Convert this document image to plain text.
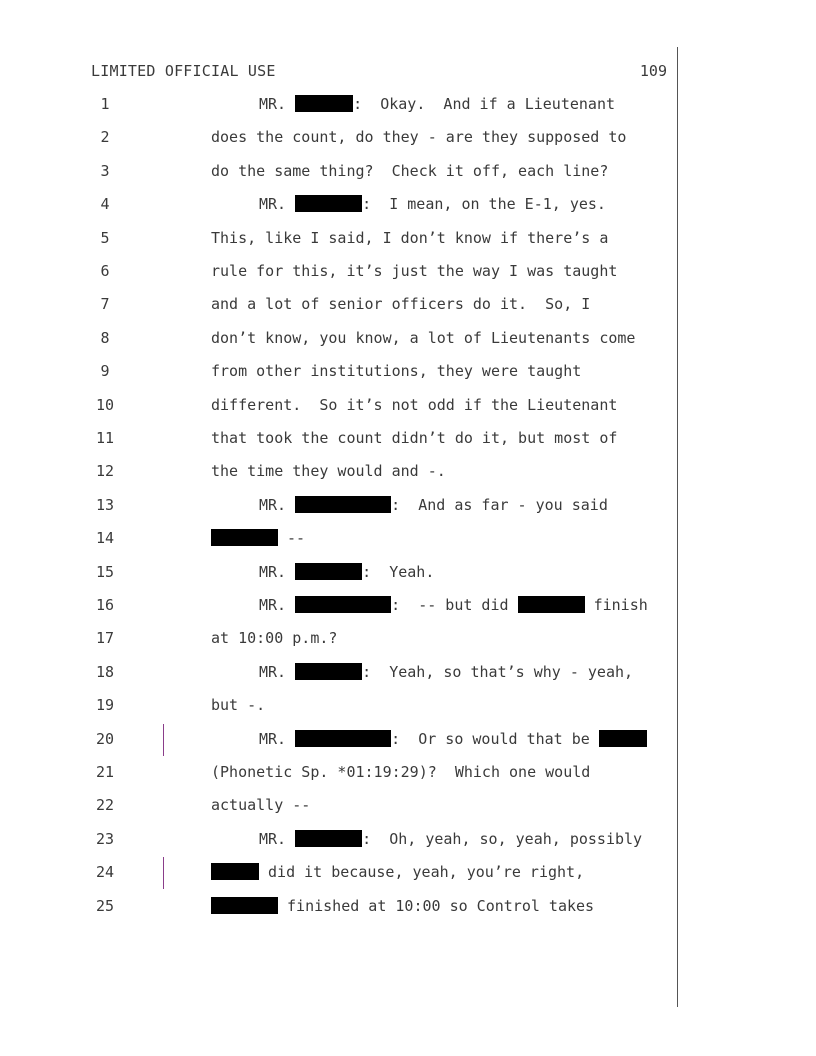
LIMITED OFFICIAL USE	109
1	MR.	:  Okay.  And if a Lieutenant
2	does the count, do they - are they supposed to
3	do the same thing?  Check it off, each line?
4	MR.	:  I mean, on the E-1, yes.
5	This, like I said, I don’t know if there’s a
6	rule for this, it’s just the way I was taught
7	and a lot of senior officers do it.  So, I
8	don’t know, you know, a lot of Lieutenants come
9	from other institutions, they were taught
10	different.  So it’s not odd if the Lieutenant
11	that took the count didn’t do it, but most of
12	the time they would and -.
13	MR.	:  And as far - you said
14	--
15	MR.	:  Yeah.
16	MR.	:  -- but did	finish
17	at 10:00 p.m.?
18	MR.	:  Yeah, so that’s why - yeah,
19	but -.
20	MR.	:  Or so would that be
21	(Phonetic Sp. *01:19:29)?  Which one would
22	actually --
23	MR.	:  Oh, yeah, so, yeah, possibly
24	did it because, yeah, you’re right,
25	finished at 10:00 so Control takes
